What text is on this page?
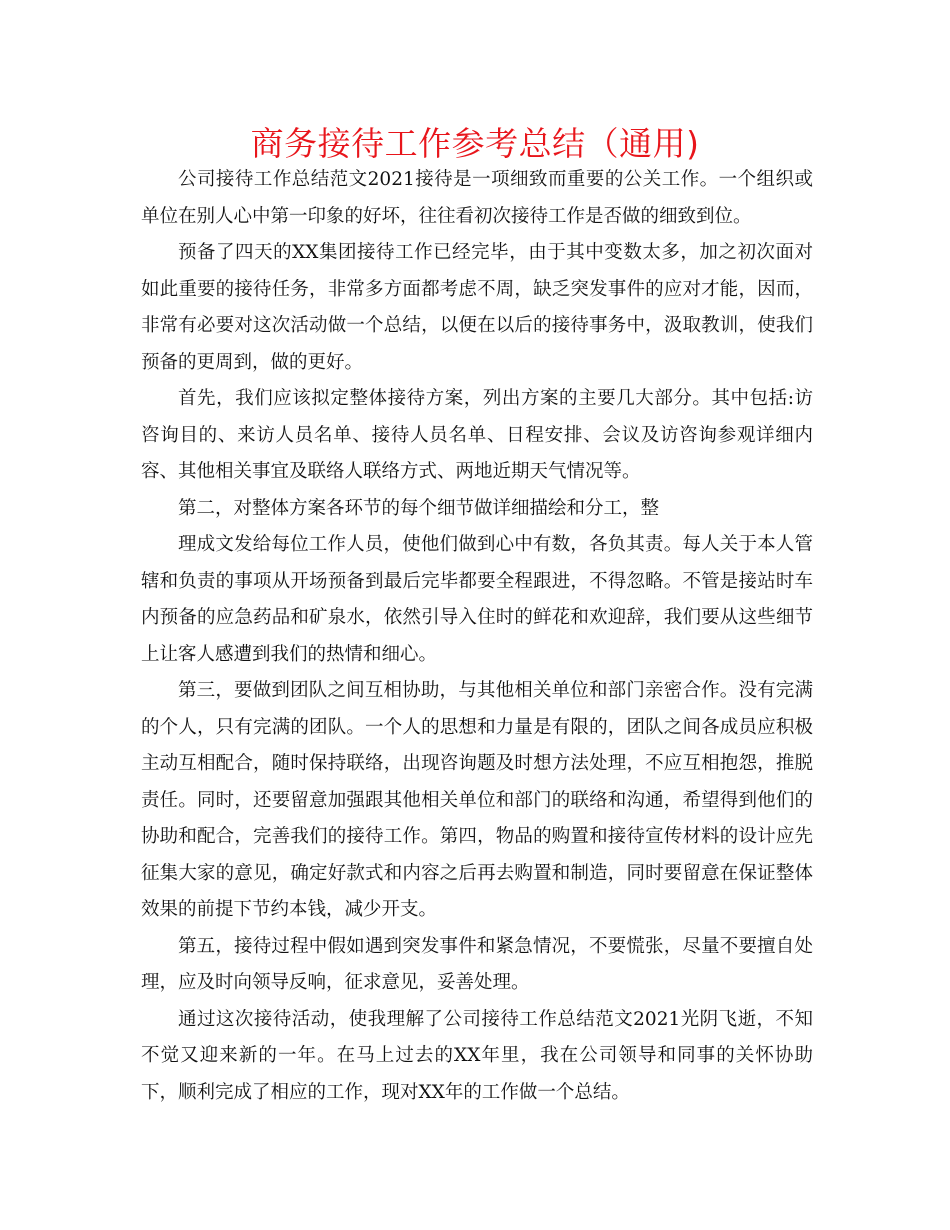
商务接待工作参考总结（通用)

公司接待工作总结范文2021接待是一项细致而重要的公关工作。一个组织或单位在别人心中第一印象的好坏，往往看初次接待工作是否做的细致到位。

预备了四天的XX集团接待工作已经完毕，由于其中变数太多，加之初次面对如此重要的接待任务，非常多方面都考虑不周，缺乏突发事件的应对才能，因而，非常有必要对这次活动做一个总结，以便在以后的接待事务中，汲取教训，使我们预备的更周到，做的更好。

首先，我们应该拟定整体接待方案，列出方案的主要几大部分。其中包括:访咨询目的、来访人员名单、接待人员名单、日程安排、会议及访咨询参观详细内容、其他相关事宜及联络人联络方式、两地近期天气情况等。

第二，对整体方案各环节的每个细节做详细描绘和分工，整

理成文发给每位工作人员，使他们做到心中有数，各负其责。每人关于本人管辖和负责的事项从开场预备到最后完毕都要全程跟进，不得忽略。不管是接站时车内预备的应急药品和矿泉水，依然引导入住时的鲜花和欢迎辞，我们要从这些细节上让客人感遭到我们的热情和细心。

第三，要做到团队之间互相协助，与其他相关单位和部门亲密合作。没有完满的个人，只有完满的团队。一个人的思想和力量是有限的，团队之间各成员应积极主动互相配合，随时保持联络，出现咨询题及时想方法处理，不应互相抱怨，推脱责任。同时，还要留意加强跟其他相关单位和部门的联络和沟通，希望得到他们的协助和配合，完善我们的接待工作。第四，物品的购置和接待宣传材料的设计应先征集大家的意见，确定好款式和内容之后再去购置和制造，同时要留意在保证整体效果的前提下节约本钱，减少开支。

第五，接待过程中假如遇到突发事件和紧急情况，不要慌张，尽量不要擅自处理，应及时向领导反响，征求意见，妥善处理。

通过这次接待活动，使我理解了公司接待工作总结范文2021光阴飞逝，不知不觉又迎来新的一年。在马上过去的XX年里，我在公司领导和同事的关怀协助下，顺利完成了相应的工作，现对XX年的工作做一个总结。
